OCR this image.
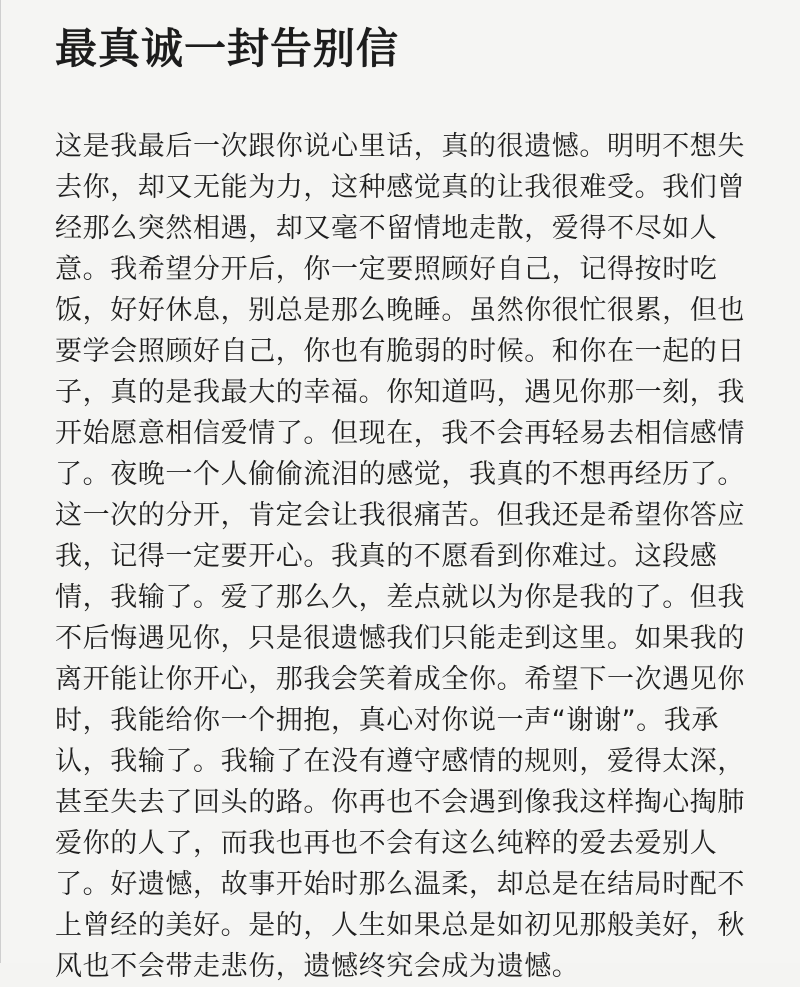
最真诚一封告别信
这是我最后一次跟你说心里话，真的很遗憾。明明不想失
去你，却又无能为力，这种感觉真的让我很难受。我们曾
经那么突然相遇，却又毫不留情地走散，爱得不尽如人
意。我希望分开后，你一定要照顾好自己，记得按时吃
饭，好好休息，别总是那么晚睡。虽然你很忙很累，但也
要学会照顾好自己，你也有脆弱的时候。和你在一起的日
子，真的是我最大的幸福。你知道吗，遇见你那一刻，我
开始愿意相信爱情了。但现在，我不会再轻易去相信感情
了。夜晚一个人偷偷流泪的感觉，我真的不想再经历了。
这一次的分开，肯定会让我很痛苦。但我还是希望你答应
我，记得一定要开心。我真的不愿看到你难过。这段感
情，我输了。爱了那么久，差点就以为你是我的了。但我
不后悔遇见你，只是很遗憾我们只能走到这里。如果我的
离开能让你开心，那我会笑着成全你。希望下一次遇见你
时，我能给你一个拥抱，真心对你说一声“谢谢”。我承
认，我输了。我输了在没有遵守感情的规则，爱得太深，
甚至失去了回头的路。你再也不会遇到像我这样掏心掏肺
爱你的人了，而我也再也不会有这么纯粹的爱去爱别人
了。好遗憾，故事开始时那么温柔，却总是在结局时配不
上曾经的美好。是的，人生如果总是如初见那般美好，秋
风也不会带走悲伤，遗憾终究会成为遗憾。
